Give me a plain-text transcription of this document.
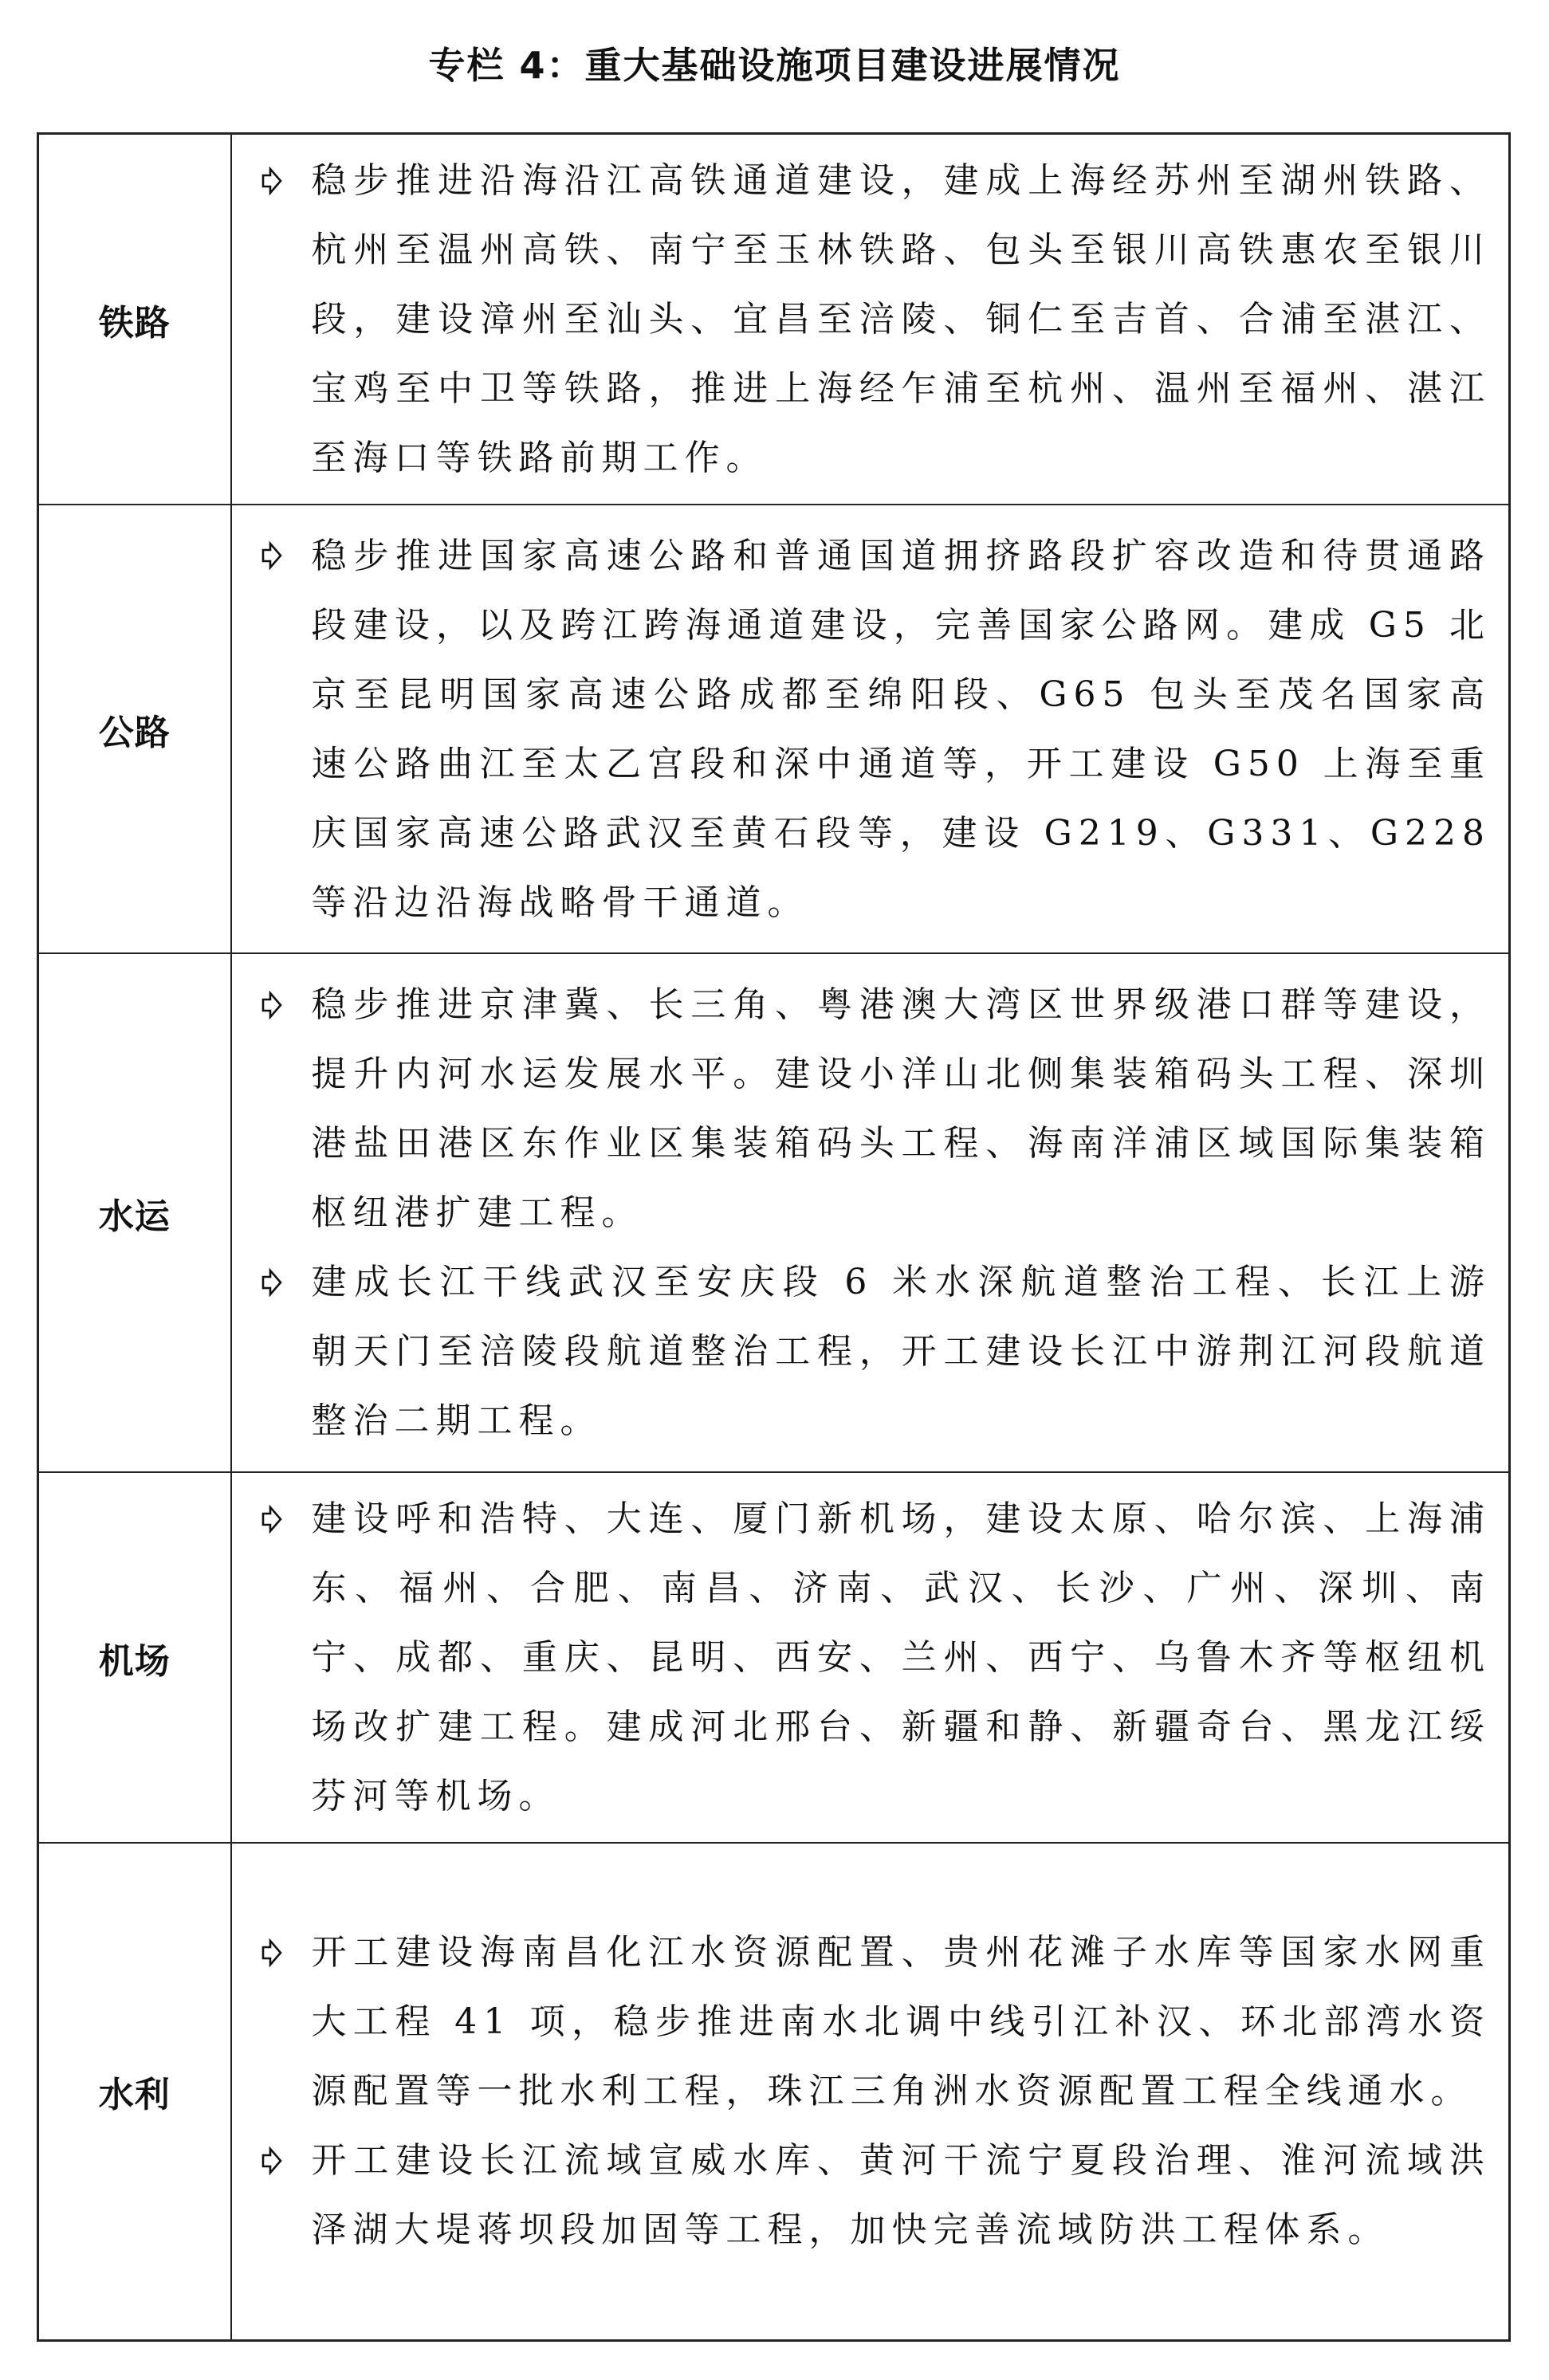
专栏 4：重大基础设施项目建设进展情况
铁路	稳步推进沿海沿江高铁通道建设，建成上海经苏州至湖州铁路、杭州至温州高铁、南宁至玉林铁路、包头至银川高铁惠农至银川段，建设漳州至汕头、宜昌至涪陵、铜仁至吉首、合浦至湛江、宝鸡至中卫等铁路，推进上海经乍浦至杭州、温州至福州、湛江至海口等铁路前期工作。

公路	稳步推进国家高速公路和普通国道拥挤路段扩容改造和待贯通路段建设，以及跨江跨海通道建设，完善国家公路网。建成 G5 北京至昆明国家高速公路成都至绵阳段、G65 包头至茂名国家高速公路曲江至太乙宫段和深中通道等，开工建设 G50 上海至重庆国家高速公路武汉至黄石段等，建设 G219、G331、G228 等沿边沿海战略骨干通道。

水运	稳步推进京津冀、长三角、粤港澳大湾区世界级港口群等建设，提升内河水运发展水平。建设小洋山北侧集装箱码头工程、深圳港盐田港区东作业区集装箱码头工程、海南洋浦区域国际集装箱枢纽港扩建工程。
建成长江干线武汉至安庆段 6 米水深航道整治工程、长江上游朝天门至涪陵段航道整治工程，开工建设长江中游荆江河段航道整治二期工程。

机场	建设呼和浩特、大连、厦门新机场，建设太原、哈尔滨、上海浦东、福州、合肥、南昌、济南、武汉、长沙、广州、深圳、南宁、成都、重庆、昆明、西安、兰州、西宁、乌鲁木齐等枢纽机场改扩建工程。建成河北邢台、新疆和静、新疆奇台、黑龙江绥芬河等机场。

水利	开工建设海南昌化江水资源配置、贵州花滩子水库等国家水网重大工程 41 项，稳步推进南水北调中线引江补汉、环北部湾水资源配置等一批水利工程，珠江三角洲水资源配置工程全线通水。
开工建设长江流域宣威水库、黄河干流宁夏段治理、淮河流域洪泽湖大堤蒋坝段加固等工程，加快完善流域防洪工程体系。
